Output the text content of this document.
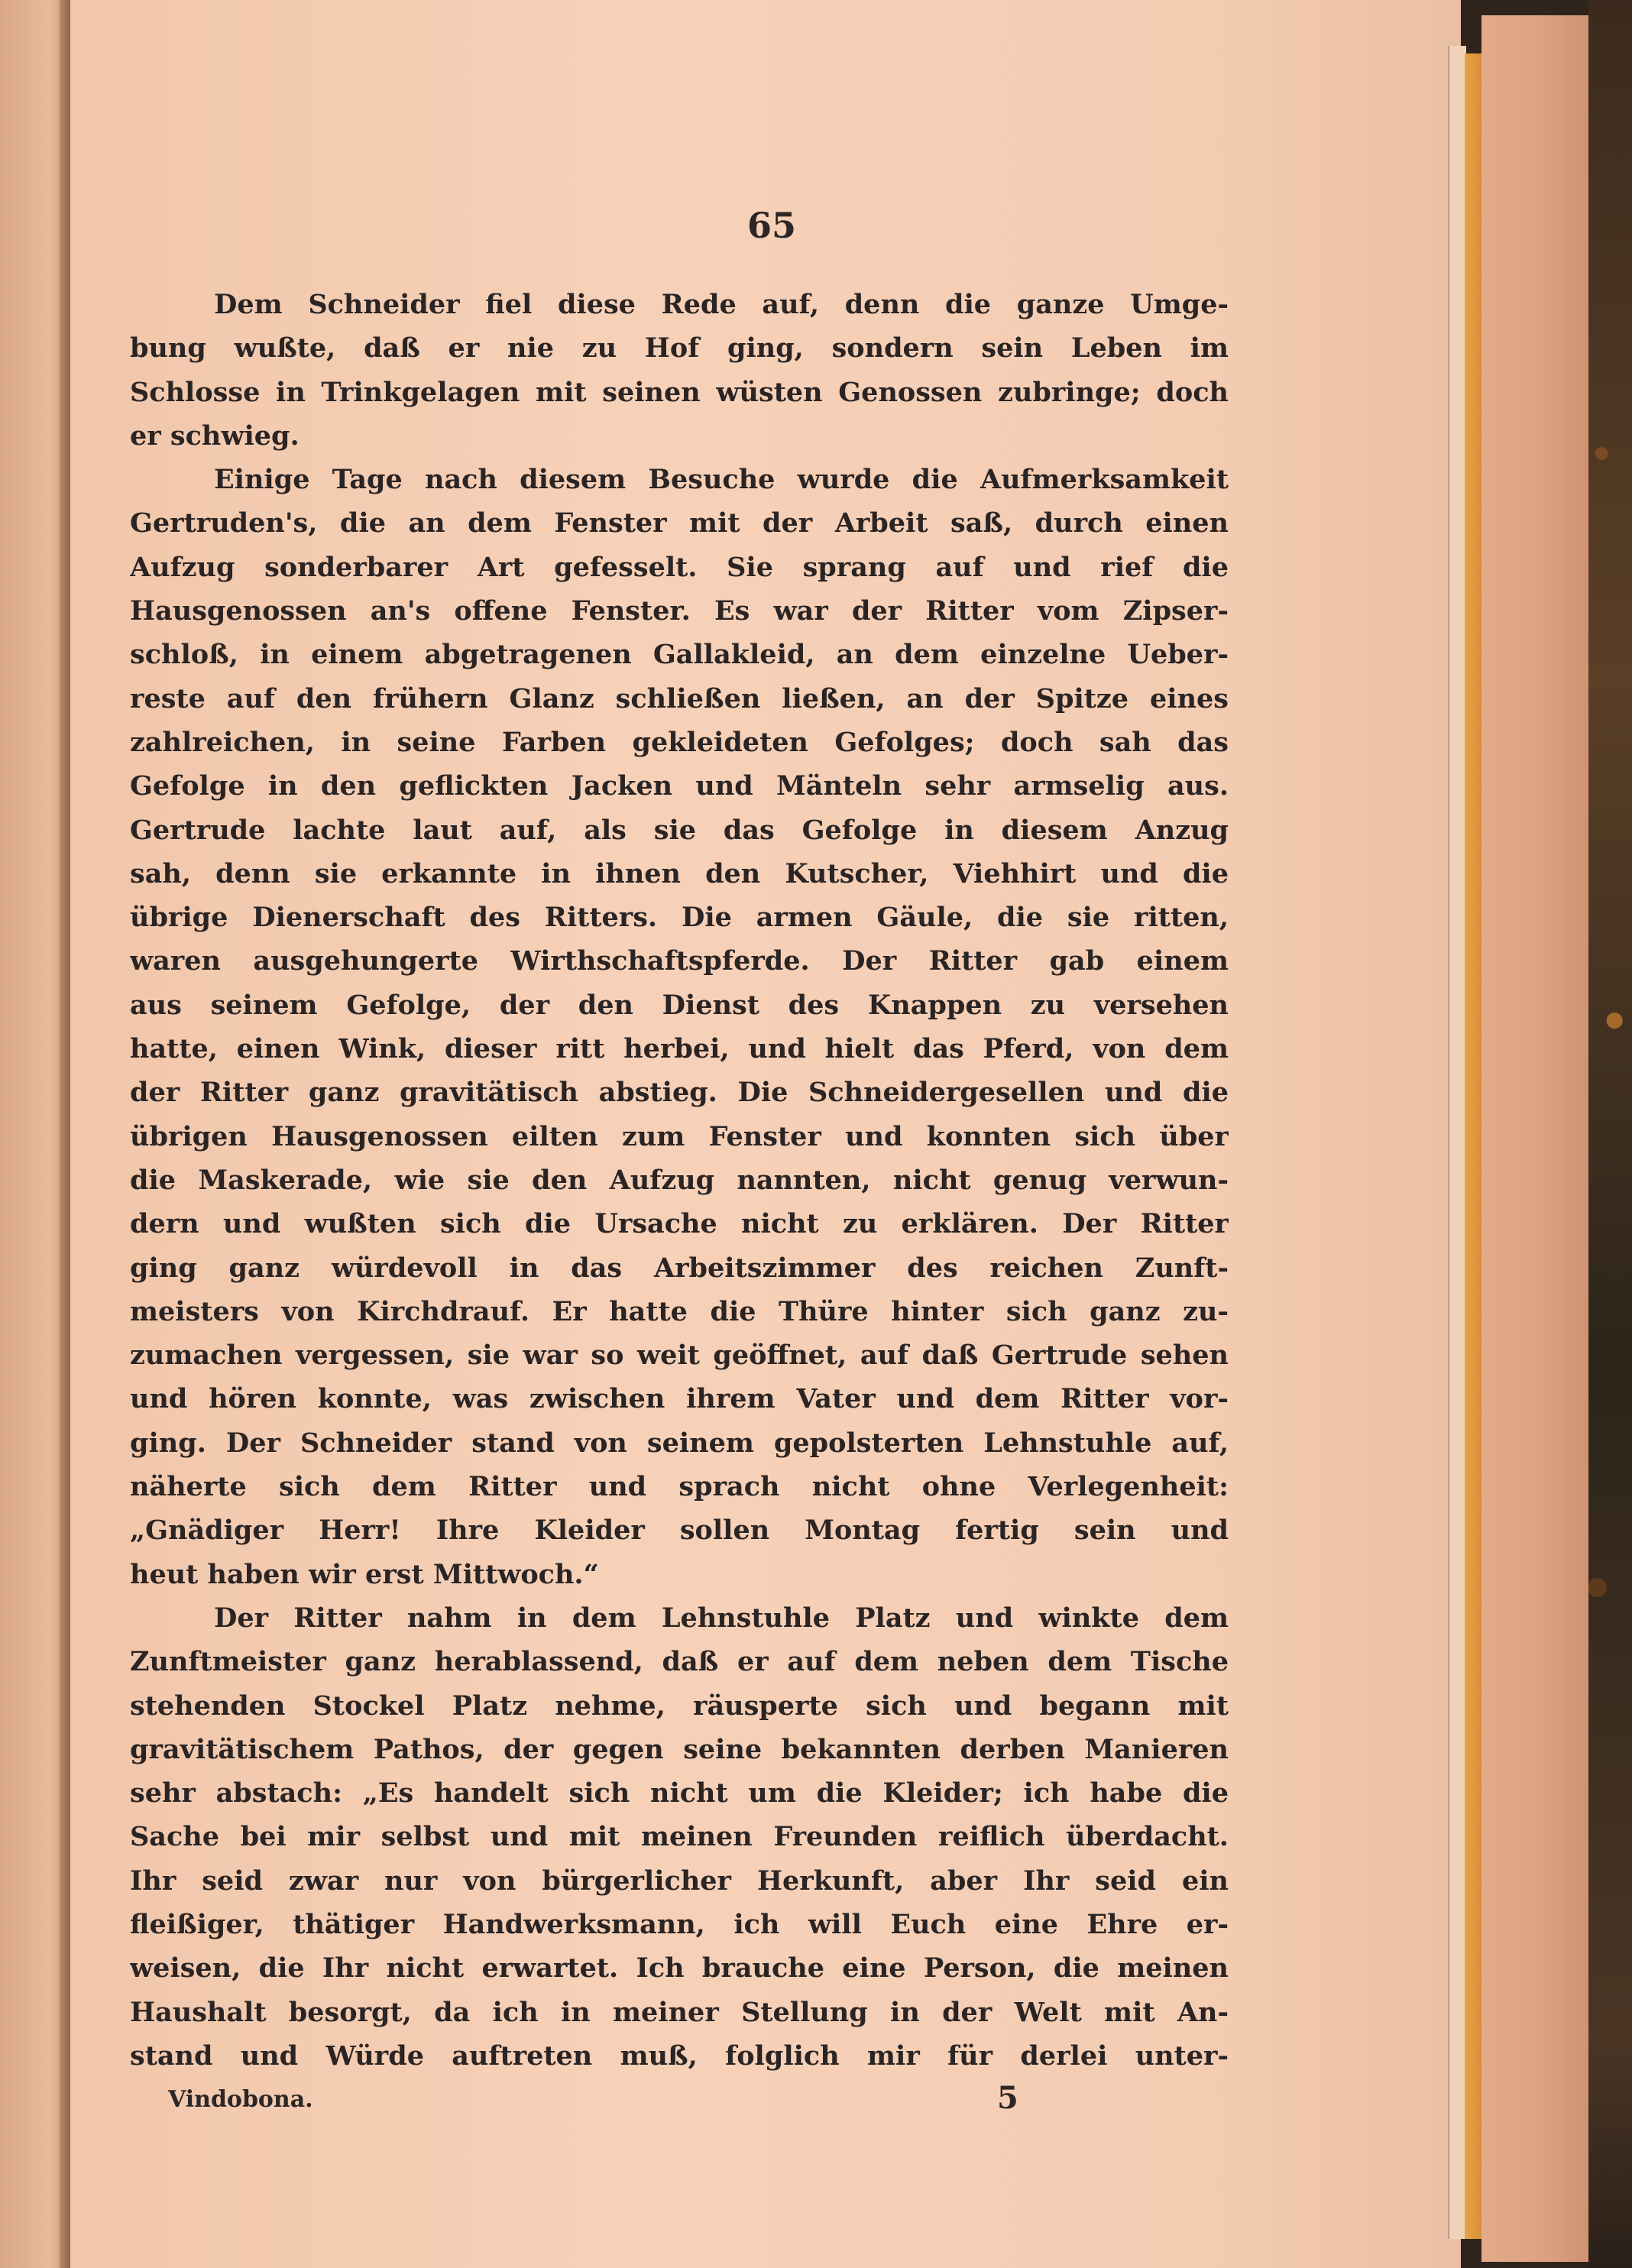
65
Dem Schneider fiel diese Rede auf, denn die ganze Umge-
bung wußte, daß er nie zu Hof ging, sondern sein Leben im
Schlosse in Trinkgelagen mit seinen wüsten Genossen zubringe; doch
er schwieg.
Einige Tage nach diesem Besuche wurde die Aufmerksamkeit
Gertruden's, die an dem Fenster mit der Arbeit saß, durch einen
Aufzug sonderbarer Art gefesselt. Sie sprang auf und rief die
Hausgenossen an's offene Fenster. Es war der Ritter vom Zipser-
schloß, in einem abgetragenen Gallakleid, an dem einzelne Ueber-
reste auf den frühern Glanz schließen ließen, an der Spitze eines
zahlreichen, in seine Farben gekleideten Gefolges; doch sah das
Gefolge in den geflickten Jacken und Mänteln sehr armselig aus.
Gertrude lachte laut auf, als sie das Gefolge in diesem Anzug
sah, denn sie erkannte in ihnen den Kutscher, Viehhirt und die
übrige Dienerschaft des Ritters. Die armen Gäule, die sie ritten,
waren ausgehungerte Wirthschaftspferde. Der Ritter gab einem
aus seinem Gefolge, der den Dienst des Knappen zu versehen
hatte, einen Wink, dieser ritt herbei, und hielt das Pferd, von dem
der Ritter ganz gravitätisch abstieg. Die Schneidergesellen und die
übrigen Hausgenossen eilten zum Fenster und konnten sich über
die Maskerade, wie sie den Aufzug nannten, nicht genug verwun-
dern und wußten sich die Ursache nicht zu erklären. Der Ritter
ging ganz würdevoll in das Arbeitszimmer des reichen Zunft-
meisters von Kirchdrauf. Er hatte die Thüre hinter sich ganz zu-
zumachen vergessen, sie war so weit geöffnet, auf daß Gertrude sehen
und hören konnte, was zwischen ihrem Vater und dem Ritter vor-
ging. Der Schneider stand von seinem gepolsterten Lehnstuhle auf,
näherte sich dem Ritter und sprach nicht ohne Verlegenheit:
„Gnädiger Herr! Ihre Kleider sollen Montag fertig sein und
heut haben wir erst Mittwoch.“
Der Ritter nahm in dem Lehnstuhle Platz und winkte dem
Zunftmeister ganz herablassend, daß er auf dem neben dem Tische
stehenden Stockel Platz nehme, räusperte sich und begann mit
gravitätischem Pathos, der gegen seine bekannten derben Manieren
sehr abstach: „Es handelt sich nicht um die Kleider; ich habe die
Sache bei mir selbst und mit meinen Freunden reiflich überdacht.
Ihr seid zwar nur von bürgerlicher Herkunft, aber Ihr seid ein
fleißiger, thätiger Handwerksmann, ich will Euch eine Ehre er-
weisen, die Ihr nicht erwartet. Ich brauche eine Person, die meinen
Haushalt besorgt, da ich in meiner Stellung in der Welt mit An-
stand und Würde auftreten muß, folglich mir für derlei unter-
Vindobona.	5
